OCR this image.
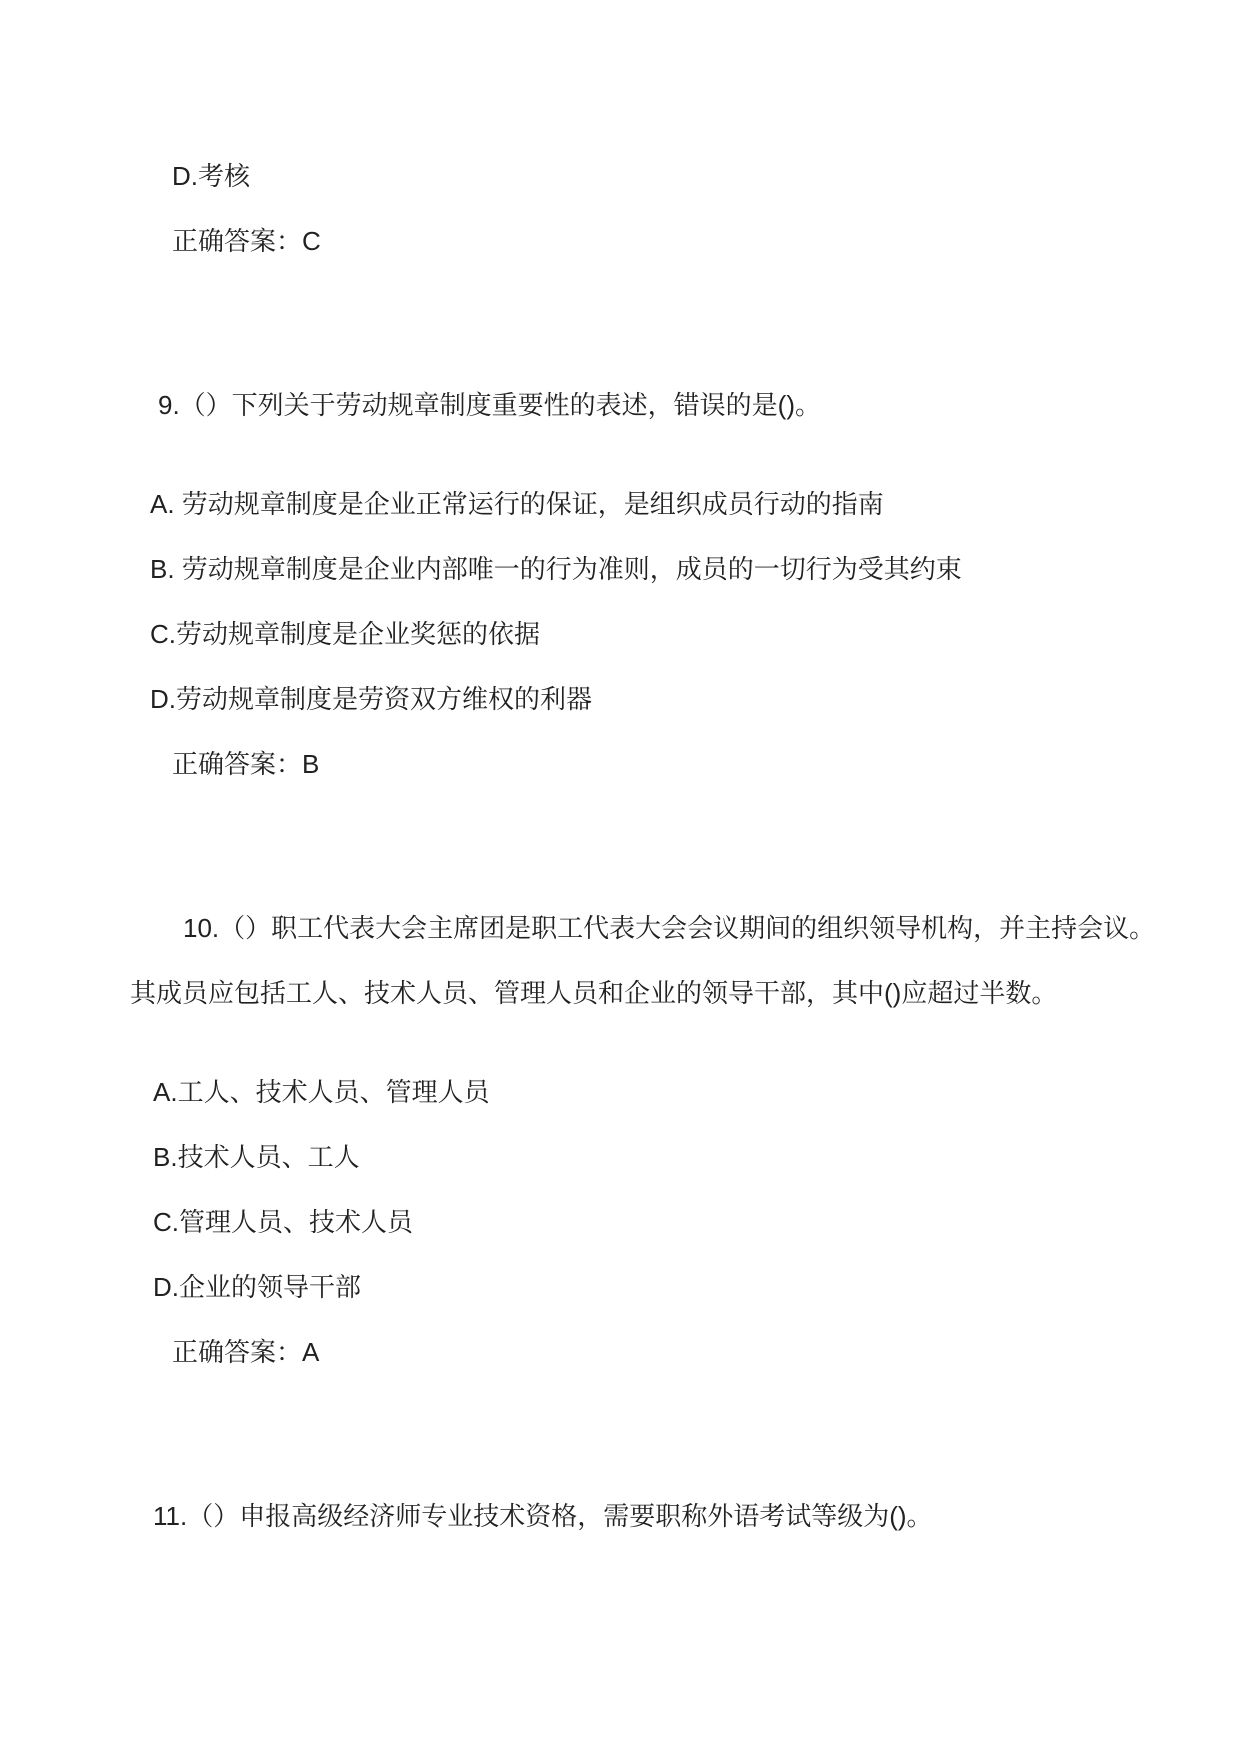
D.考核

正确答案：C

9.（）下列关于劳动规章制度重要性的表述，错误的是()。

A. 劳动规章制度是企业正常运行的保证，是组织成员行动的指南

B. 劳动规章制度是企业内部唯一的行为准则，成员的一切行为受其约束

C.劳动规章制度是企业奖惩的依据

D.劳动规章制度是劳资双方维权的利器

正确答案：B

10.（）职工代表大会主席团是职工代表大会会议期间的组织领导机构，并主持会议。

其成员应包括工人、技术人员、管理人员和企业的领导干部，其中()应超过半数。

A.工人、技术人员、管理人员

B.技术人员、工人

C.管理人员、技术人员

D.企业的领导干部

正确答案：A

11.（）申报高级经济师专业技术资格，需要职称外语考试等级为()。
